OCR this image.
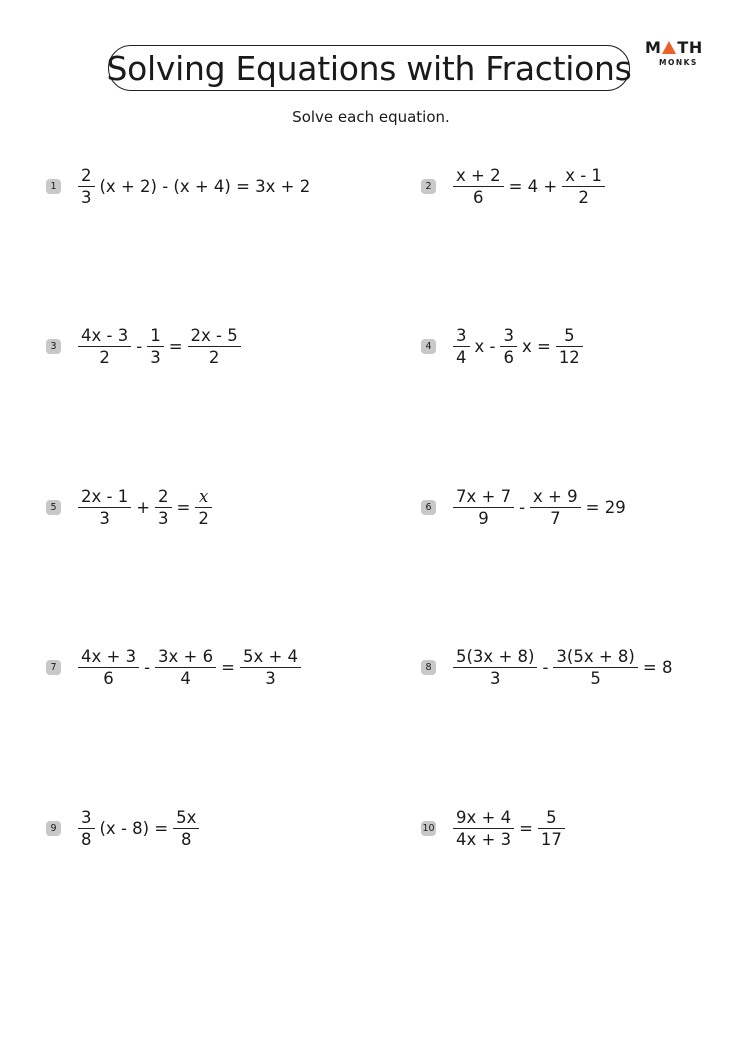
Solving Equations with Fractions
M TH
MONKS
Solve each equation.
$1 \frac{2}{3} (x + 2) - (x + 4) = 3x + 2$	$2 \frac{x + 2}{6} = 4 + \frac{x - 1}{2}$
$3 \frac{4x - 3}{2} - \frac{1}{3} = \frac{2x - 5}{2}$	$4 \frac{3}{4}$ x - $\frac{3}{6}$ $x = \frac{5}{12}$
$5 \frac{2x - 1}{3} + \frac{2}{3} = \frac{x}{2}$	$6 \frac{7x + 7}{9} - \frac{x + 9}{7} = 29$
$7 \frac{4x + 3}{6} - \frac{3x + 6}{4} = \frac{5x + 4}{3}$	$8 \frac{5(3x + 8)}{3} - \frac{3(5x + 8)}{5} = 8$
$9 \frac{3}{8} (x - 8) = \frac{5x}{8}$	$10 \frac{9x + 4}{4x + 3} = \frac{5}{17}$
